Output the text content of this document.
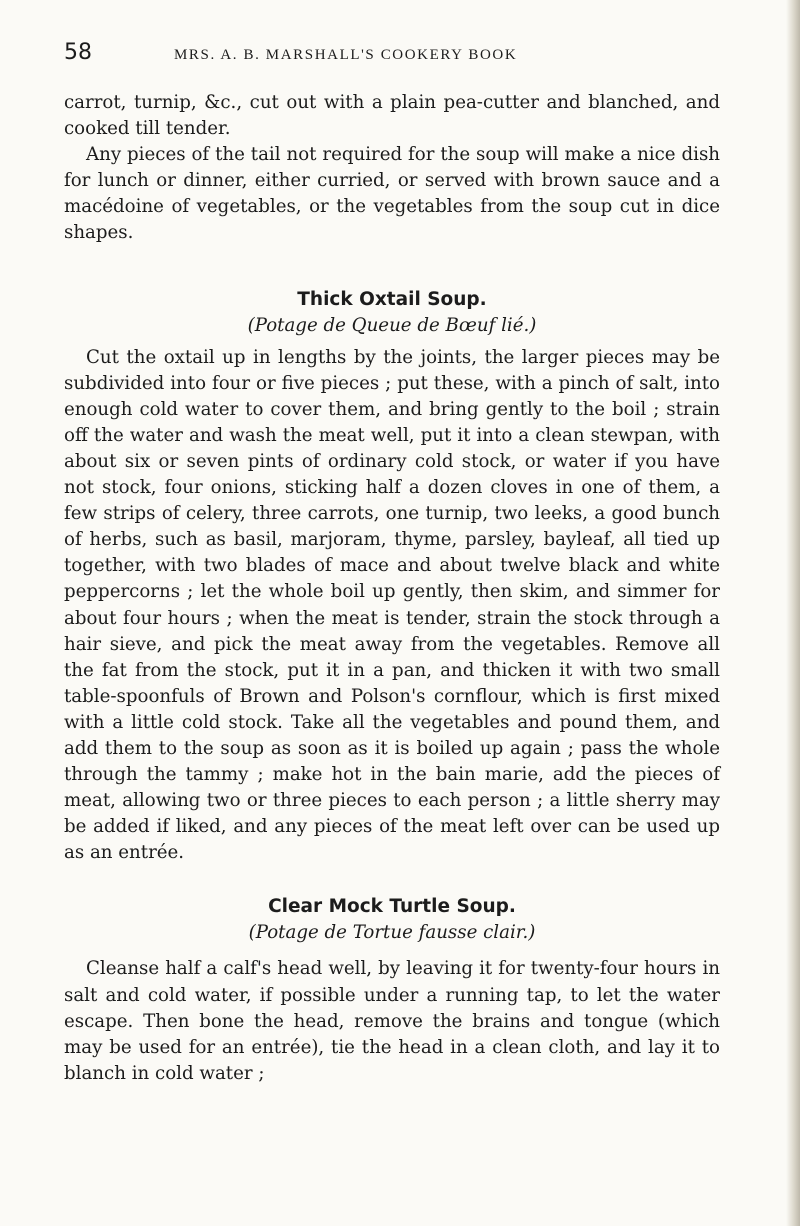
58	MRS. A. B. MARSHALL'S COOKERY BOOK

carrot, turnip, &c., cut out with a plain pea-cutter and blanched, and cooked till tender.

Any pieces of the tail not required for the soup will make a nice dish for lunch or dinner, either curried, or served with brown sauce and a macédoine of vegetables, or the vegetables from the soup cut in dice shapes.

Thick Oxtail Soup.
(Potage de Queue de Bœuf lié.)

Cut the oxtail up in lengths by the joints, the larger pieces may be subdivided into four or five pieces ; put these, with a pinch of salt, into enough cold water to cover them, and bring gently to the boil ; strain off the water and wash the meat well, put it into a clean stewpan, with about six or seven pints of ordinary cold stock, or water if you have not stock, four onions, sticking half a dozen cloves in one of them, a few strips of celery, three carrots, one turnip, two leeks, a good bunch of herbs, such as basil, marjoram, thyme, parsley, bayleaf, all tied up together, with two blades of mace and about twelve black and white peppercorns ; let the whole boil up gently, then skim, and simmer for about four hours ; when the meat is tender, strain the stock through a hair sieve, and pick the meat away from the vegetables. Remove all the fat from the stock, put it in a pan, and thicken it with two small table-spoonfuls of Brown and Polson's cornflour, which is first mixed with a little cold stock. Take all the vegetables and pound them, and add them to the soup as soon as it is boiled up again ; pass the whole through the tammy ; make hot in the bain marie, add the pieces of meat, allowing two or three pieces to each person ; a little sherry may be added if liked, and any pieces of the meat left over can be used up as an entrée.

Clear Mock Turtle Soup.
(Potage de Tortue fausse clair.)

Cleanse half a calf's head well, by leaving it for twenty-four hours in salt and cold water, if possible under a running tap, to let the water escape. Then bone the head, remove the brains and tongue (which may be used for an entrée), tie the head in a clean cloth, and lay it to blanch in cold water ;
